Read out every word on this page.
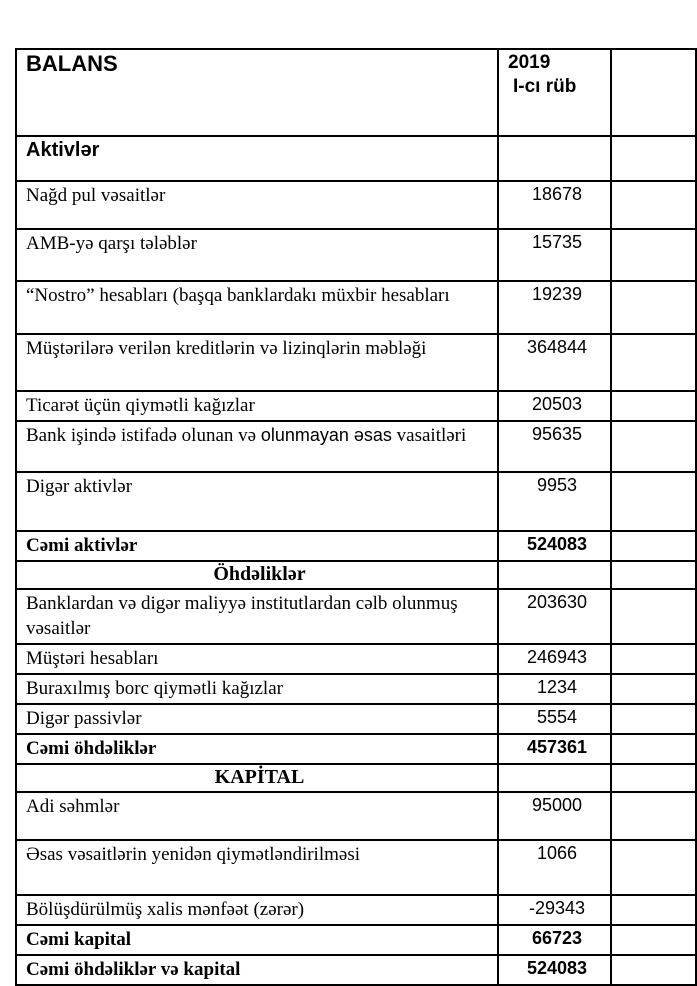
BALANS	2019
I-cı rüb	

Aktivlər		
Nağd pul vəsaitlər	18678	
AMB-yə qarşı tələblər	15735	
“Nostro” hesabları (başqa banklardakı müxbir hesabları	19239	
Müştərilərə verilən kreditlərin və lizinqlərin məbləği	364844	
Ticarət üçün qiymətli kağızlar	20503	
Bank işində istifadə olunan və olunmayan əsas vasaitləri	95635	
Digər aktivlər	9953	
Cəmi aktivlər	524083	
Öhdəliklər		
Banklardan və digər maliyyə institutlardan cəlb olunmuş vəsaitlər	203630	
Müştəri hesabları	246943	
Buraxılmış borc qiymətli kağızlar	1234	
Digər passivlər	5554	
Cəmi öhdəliklər	457361	
KAPİTAL		
Adi səhmlər	95000	
Əsas vəsaitlərin yenidən qiymətləndirilməsi	1066	
Bölüşdürülmüş xalis mənfəət (zərər)	-29343	
Cəmi kapital	66723	
Cəmi öhdəliklər və kapital	524083	
